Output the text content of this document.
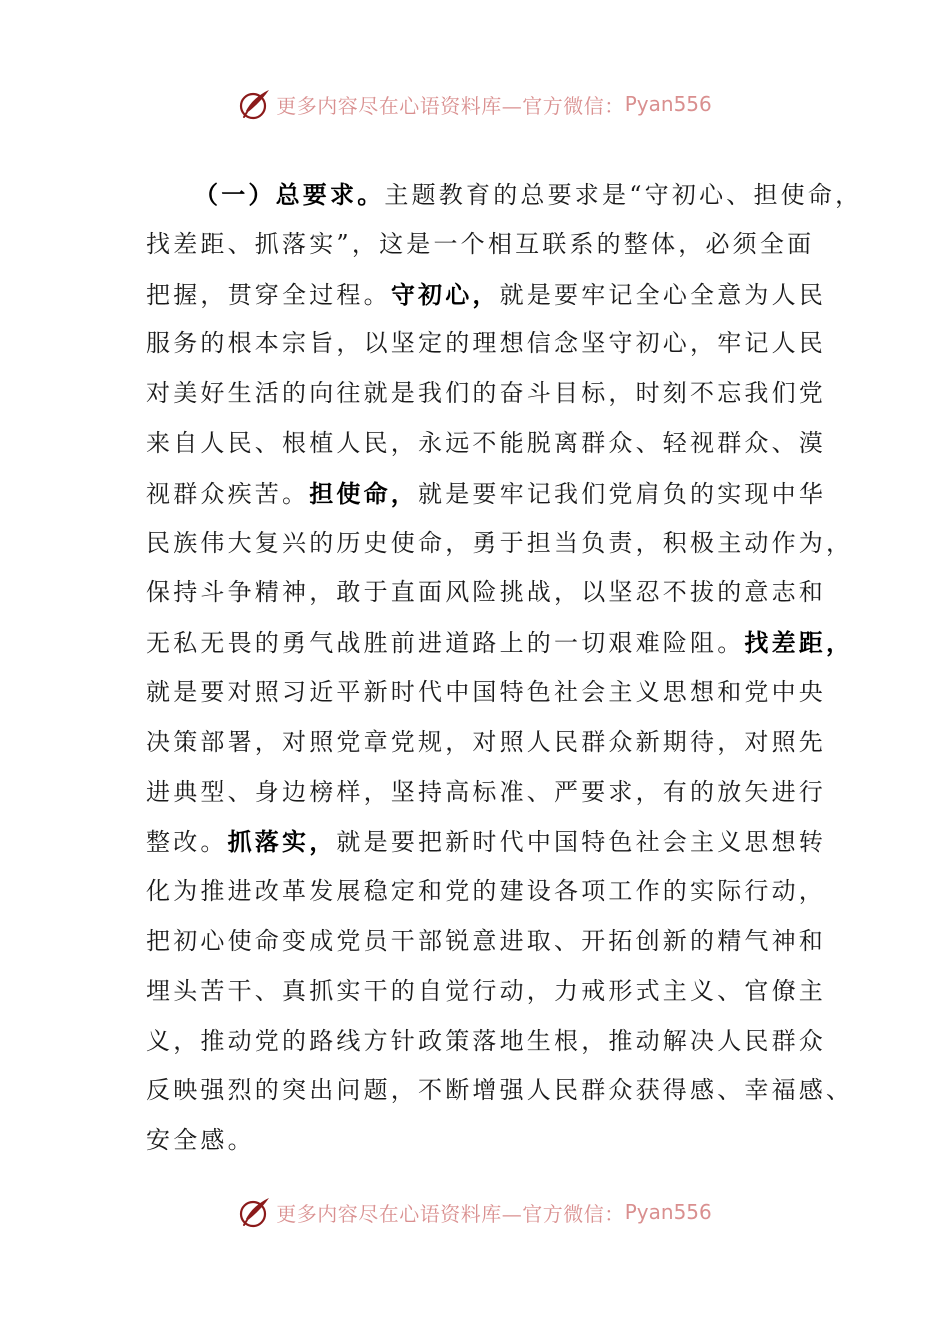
更多内容尽在心语资料库—官方微信： Pyan556
（一）总要求。主题教育的总要求是“守初心、担使命，
找差距、抓落实”，这是一个相互联系的整体，必须全面
把握，贯穿全过程。守初心，就是要牢记全心全意为人民
服务的根本宗旨，以坚定的理想信念坚守初心，牢记人民
对美好生活的向往就是我们的奋斗目标，时刻不忘我们党
来自人民、根植人民，永远不能脱离群众、轻视群众、漠
视群众疾苦。担使命，就是要牢记我们党肩负的实现中华
民族伟大复兴的历史使命，勇于担当负责，积极主动作为，
保持斗争精神，敢于直面风险挑战，以坚忍不拔的意志和
无私无畏的勇气战胜前进道路上的一切艰难险阻。找差距，
就是要对照习近平新时代中国特色社会主义思想和党中央
决策部署，对照党章党规，对照人民群众新期待，对照先
进典型、身边榜样，坚持高标准、严要求，有的放矢进行
整改。抓落实，就是要把新时代中国特色社会主义思想转
化为推进改革发展稳定和党的建设各项工作的实际行动，
把初心使命变成党员干部锐意进取、开拓创新的精气神和
埋头苦干、真抓实干的自觉行动，力戒形式主义、官僚主
义，推动党的路线方针政策落地生根，推动解决人民群众
反映强烈的突出问题，不断增强人民群众获得感、幸福感、
安全感。
更多内容尽在心语资料库—官方微信： Pyan556
